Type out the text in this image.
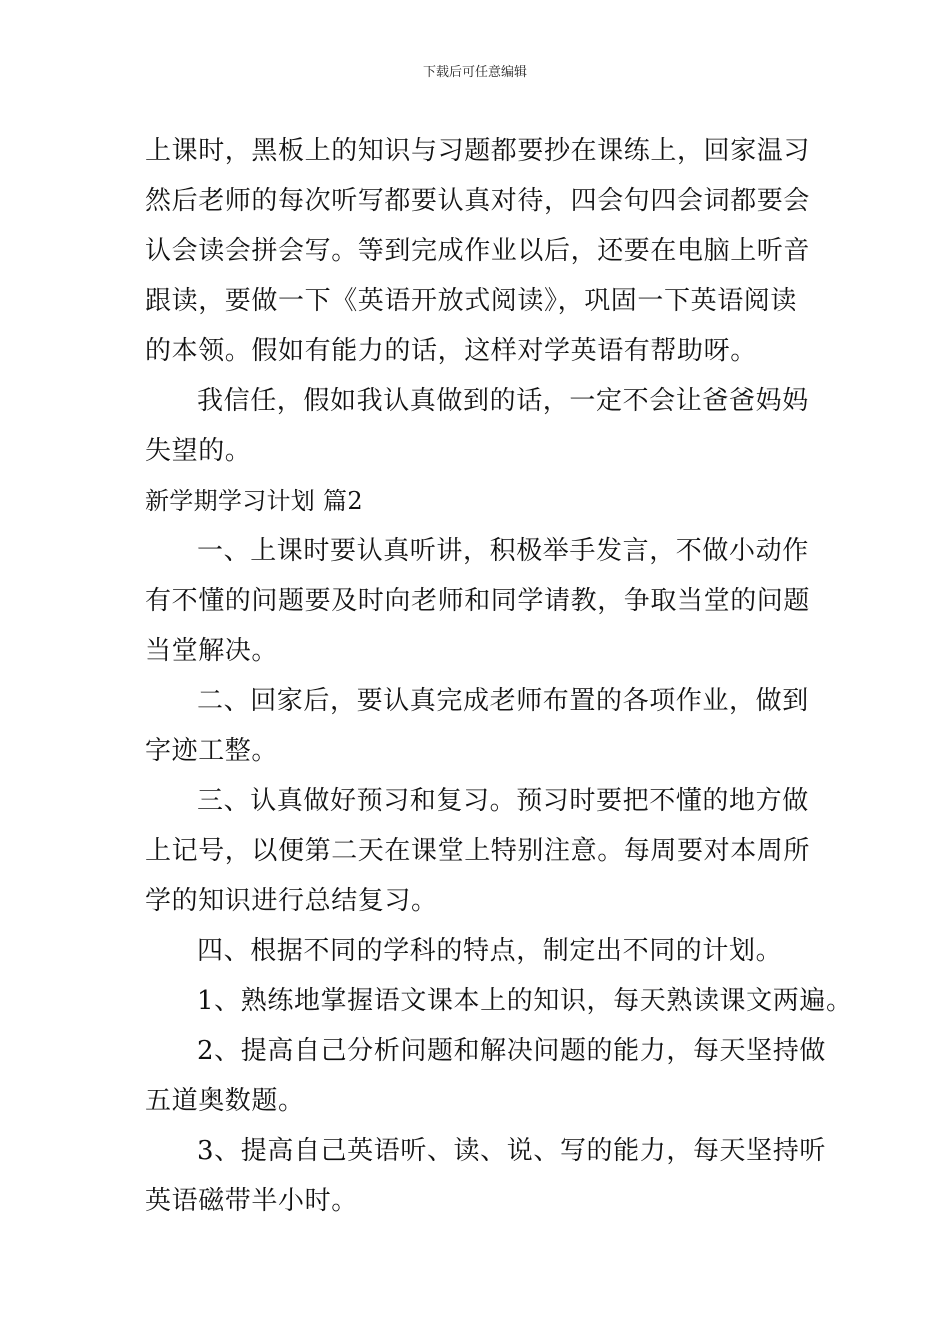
下载后可任意编辑
上课时，黑板上的知识与习题都要抄在课练上，回家温习
然后老师的每次听写都要认真对待，四会句四会词都要会
认会读会拼会写。等到完成作业以后，还要在电脑上听音
跟读，要做一下《英语开放式阅读》，巩固一下英语阅读
的本领。假如有能力的话，这样对学英语有帮助呀。
我信任，假如我认真做到的话，一定不会让爸爸妈妈
失望的。
新学期学习计划 篇2
一、上课时要认真听讲，积极举手发言，不做小动作
有不懂的问题要及时向老师和同学请教，争取当堂的问题
当堂解决。
二、回家后，要认真完成老师布置的各项作业，做到
字迹工整。
三、认真做好预习和复习。预习时要把不懂的地方做
上记号，以便第二天在课堂上特别注意。每周要对本周所
学的知识进行总结复习。
四、根据不同的学科的特点，制定出不同的计划。
1、熟练地掌握语文课本上的知识，每天熟读课文两遍。
2、提高自己分析问题和解决问题的能力，每天坚持做
五道奥数题。
3、提高自己英语听、读、说、写的能力，每天坚持听
英语磁带半小时。
